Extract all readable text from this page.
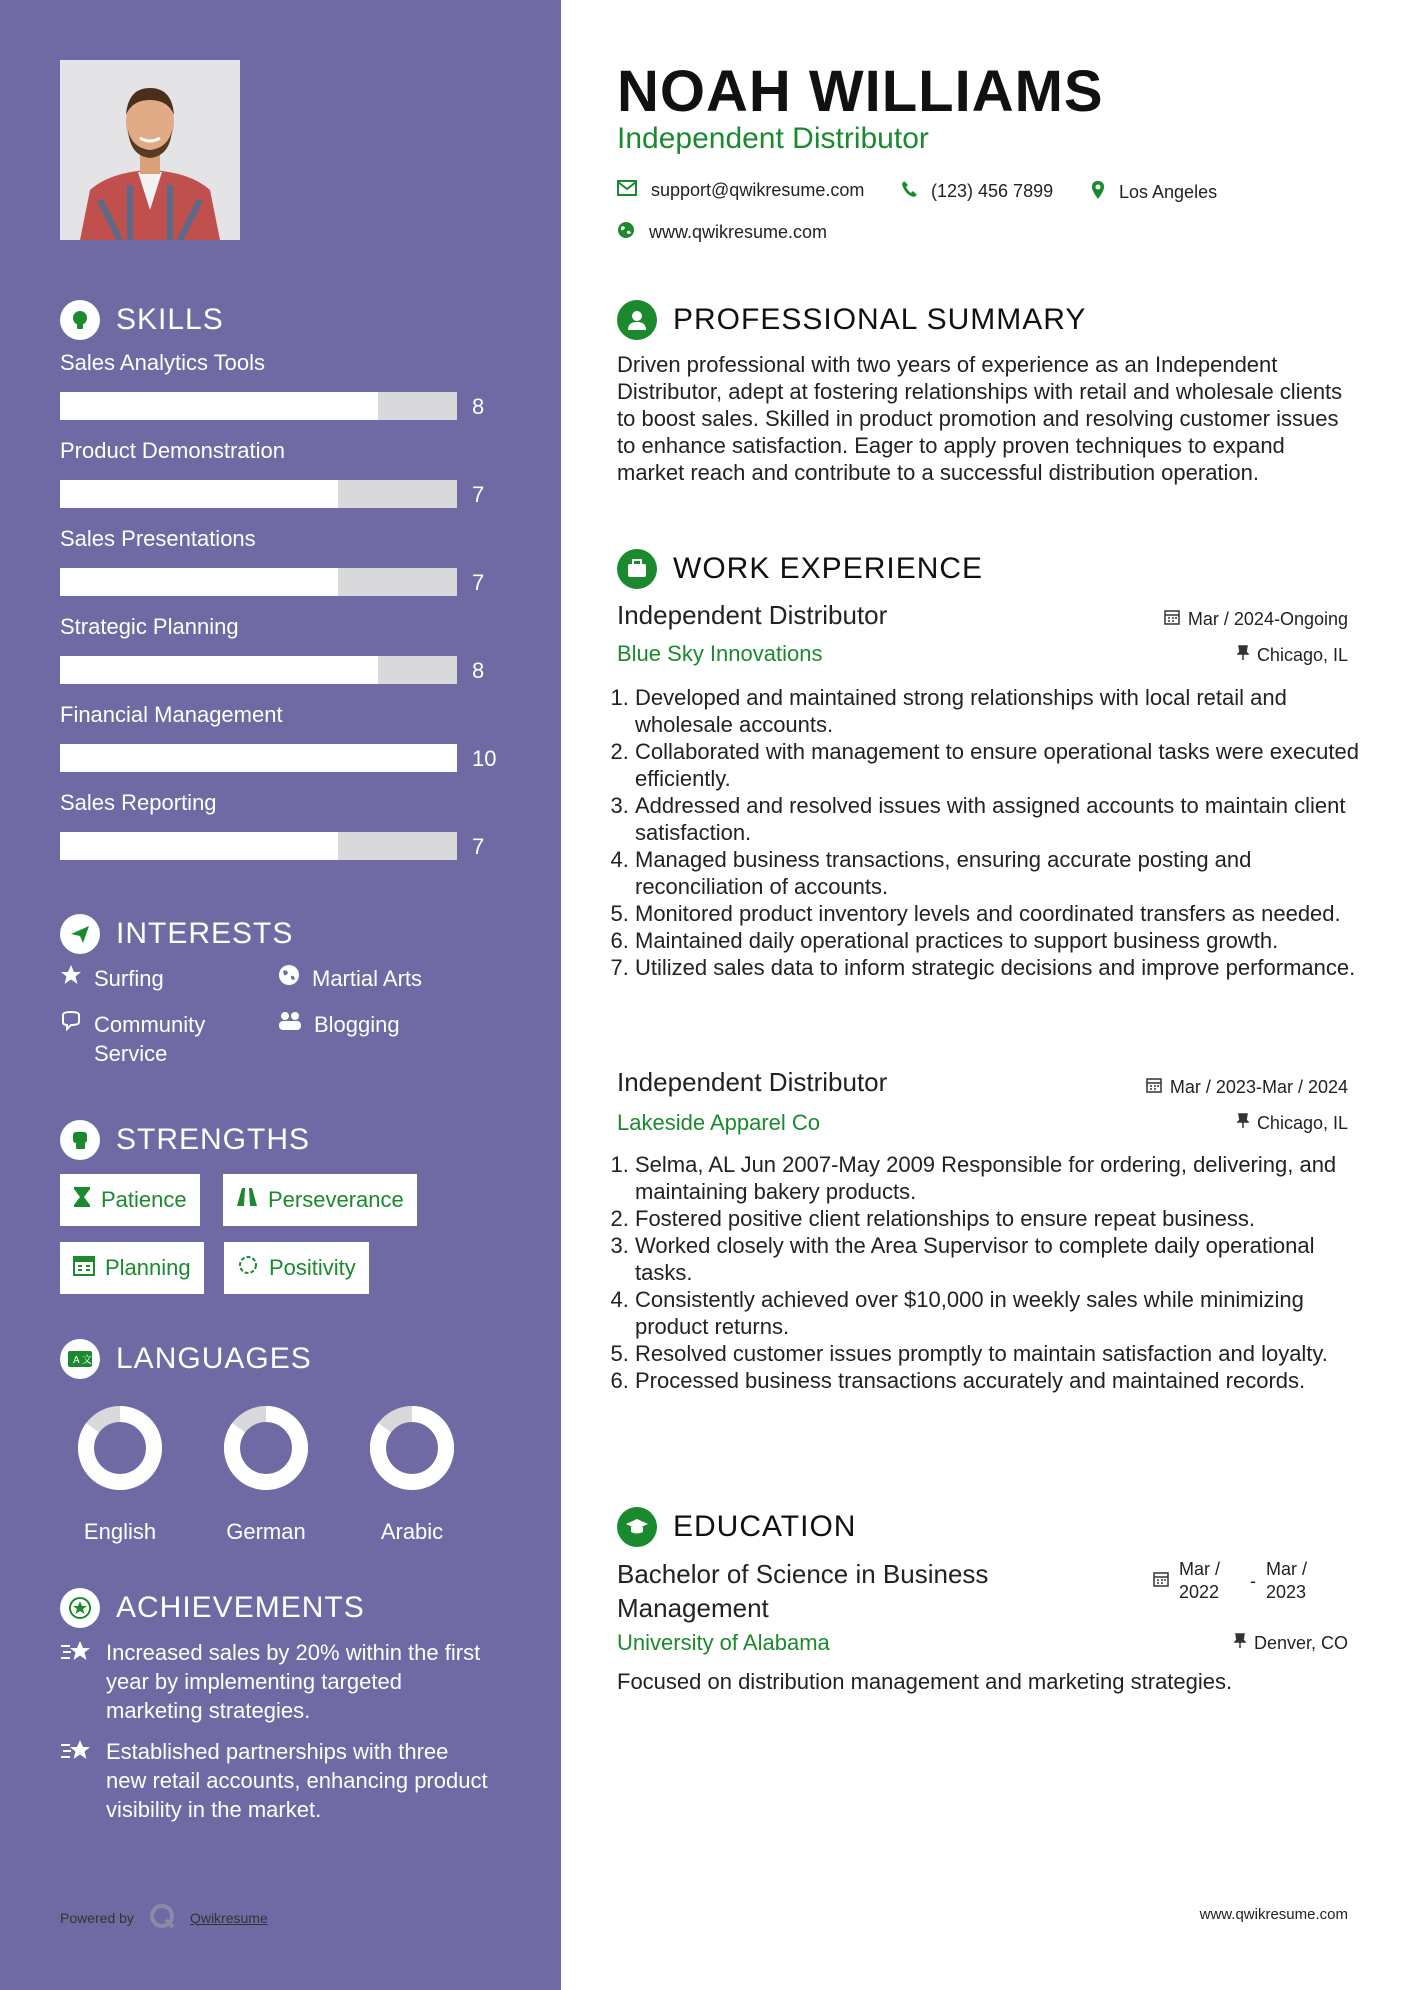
SKILLS
Sales Analytics Tools
8
Product Demonstration
7
Sales Presentations
7
Strategic Planning
8
Financial Management
10
Sales Reporting
7
INTERESTS
Surfing	Martial Arts
Community Service
Blogging
STRENGTHS
Patience	Perseverance
Planning	Positivity
A 文 LANGUAGES
English	German	Arabic
ACHIEVEMENTS
Increased sales by 20% within the first year by implementing targeted marketing strategies.
Established partnerships with three new retail accounts, enhancing product visibility in the market.
Powered by	Qwikresume
NOAH WILLIAMS
Independent Distributor
support@qwikresume.com	(123) 456 7899	Los Angeles
www.qwikresume.com
PROFESSIONAL SUMMARY
Driven professional with two years of experience as an Independent Distributor, adept at fostering relationships with retail and wholesale clients to boost sales. Skilled in product promotion and resolving customer issues to enhance satisfaction. Eager to apply proven techniques to expand market reach and contribute to a successful distribution operation.
WORK EXPERIENCE
Independent Distributor	Mar / 2024-Ongoing
Blue Sky Innovations	Chicago, IL
1. Developed and maintained strong relationships with local retail and wholesale accounts.
2. Collaborated with management to ensure operational tasks were executed efficiently.
3. Addressed and resolved issues with assigned accounts to maintain client satisfaction.
4. Managed business transactions, ensuring accurate posting and reconciliation of accounts.
5. Monitored product inventory levels and coordinated transfers as needed.
6. Maintained daily operational practices to support business growth.
7. Utilized sales data to inform strategic decisions and improve performance.
Independent Distributor	Mar / 2023-Mar / 2024
Lakeside Apparel Co	Chicago, IL
1. Selma, AL Jun 2007-May 2009 Responsible for ordering, delivering, and maintaining bakery products.
2. Fostered positive client relationships to ensure repeat business.
3. Worked closely with the Area Supervisor to complete daily operational tasks.
4. Consistently achieved over $10,000 in weekly sales while minimizing product returns.
5. Resolved customer issues promptly to maintain satisfaction and loyalty.
6. Processed business transactions accurately and maintained records.
EDUCATION
Bachelor of Science in Business
Management
Mar /
2022
-
Mar /
2023
University of Alabama	Denver, CO
Focused on distribution management and marketing strategies.
www.qwikresume.com
